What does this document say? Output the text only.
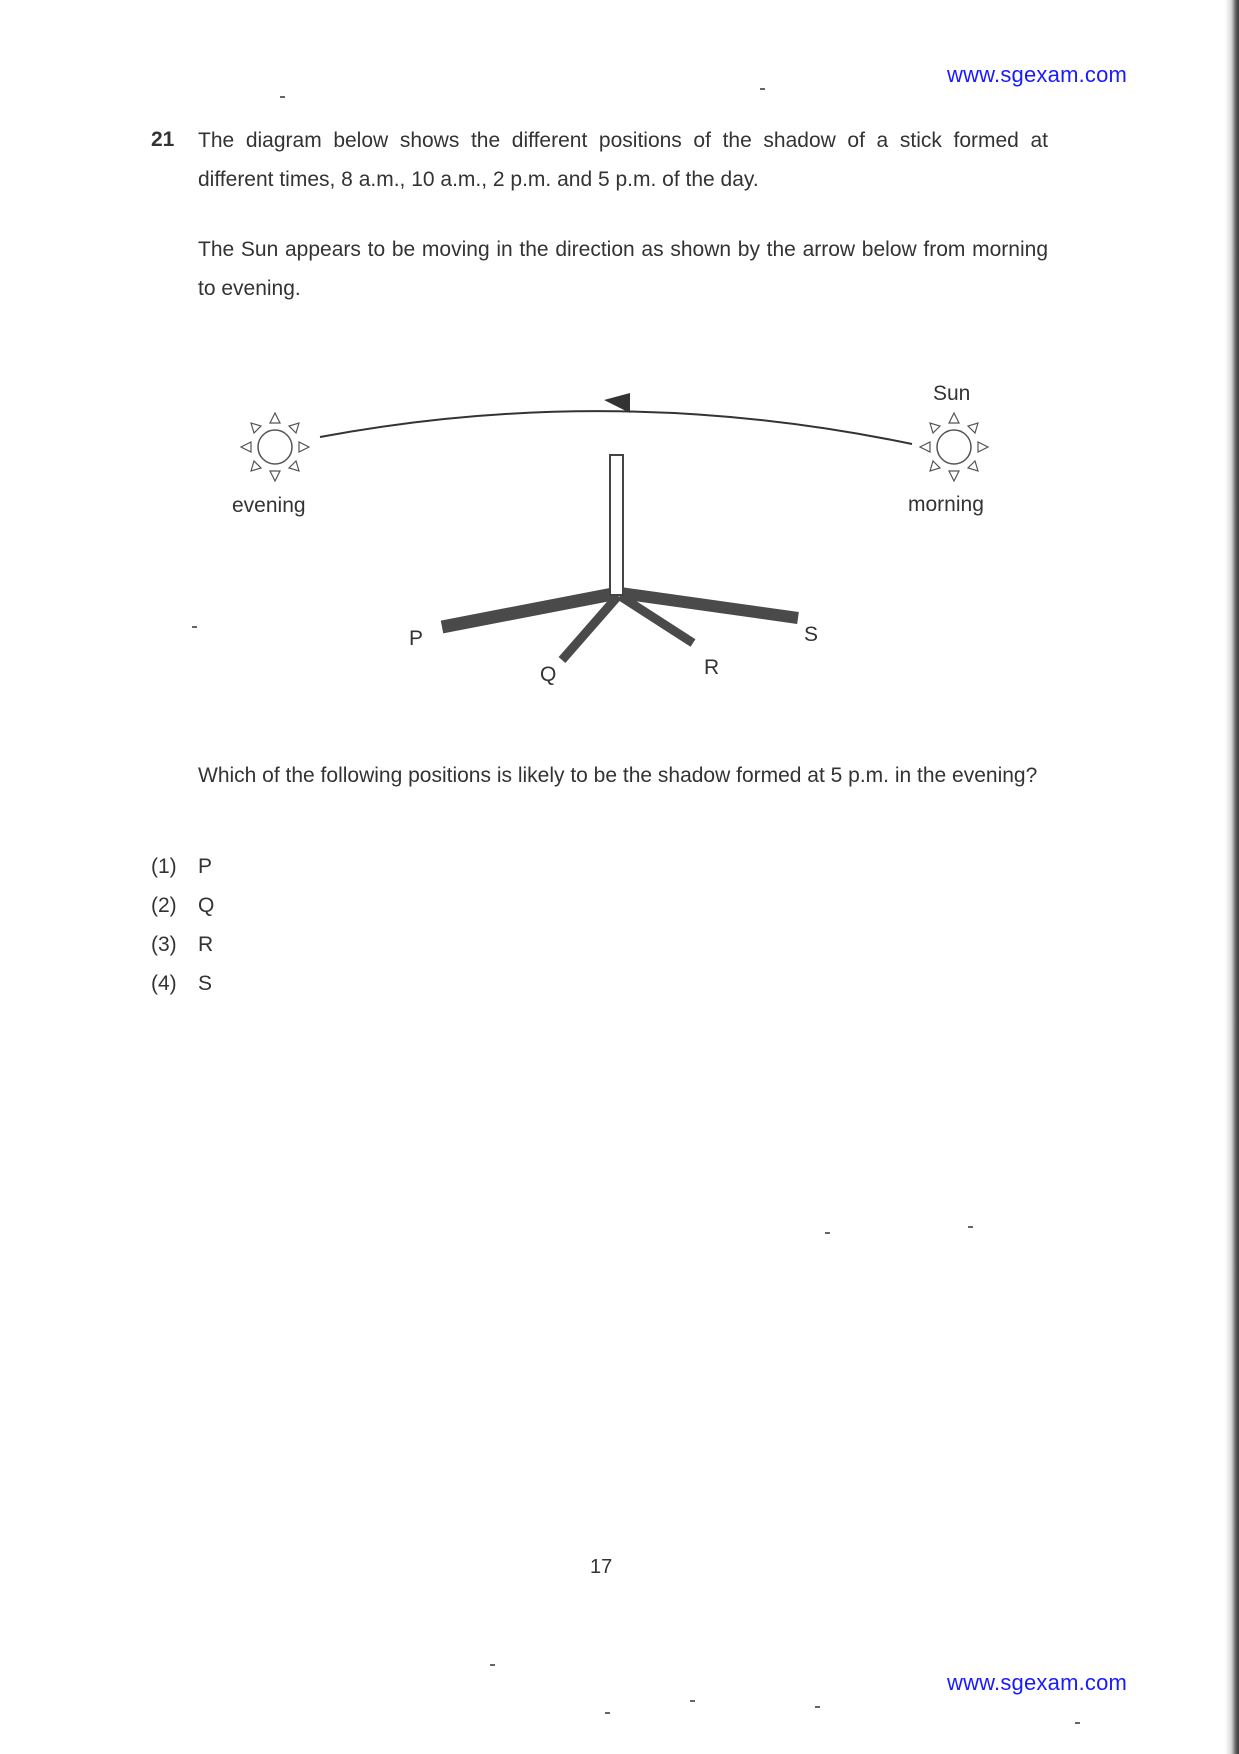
www.sgexam.com
21 The diagram below shows the different positions of the shadow of a stick formed at different times, 8 a.m., 10 a.m., 2 p.m. and 5 p.m. of the day.
The Sun appears to be moving in the direction as shown by the arrow below from morning to evening.
Sun
evening	morning
P
Q	R
S
Which of the following positions is likely to be the shadow formed at 5 p.m. in the evening?
(1) P
(2) Q
(3) R
(4) S
17
www.sgexam.com
